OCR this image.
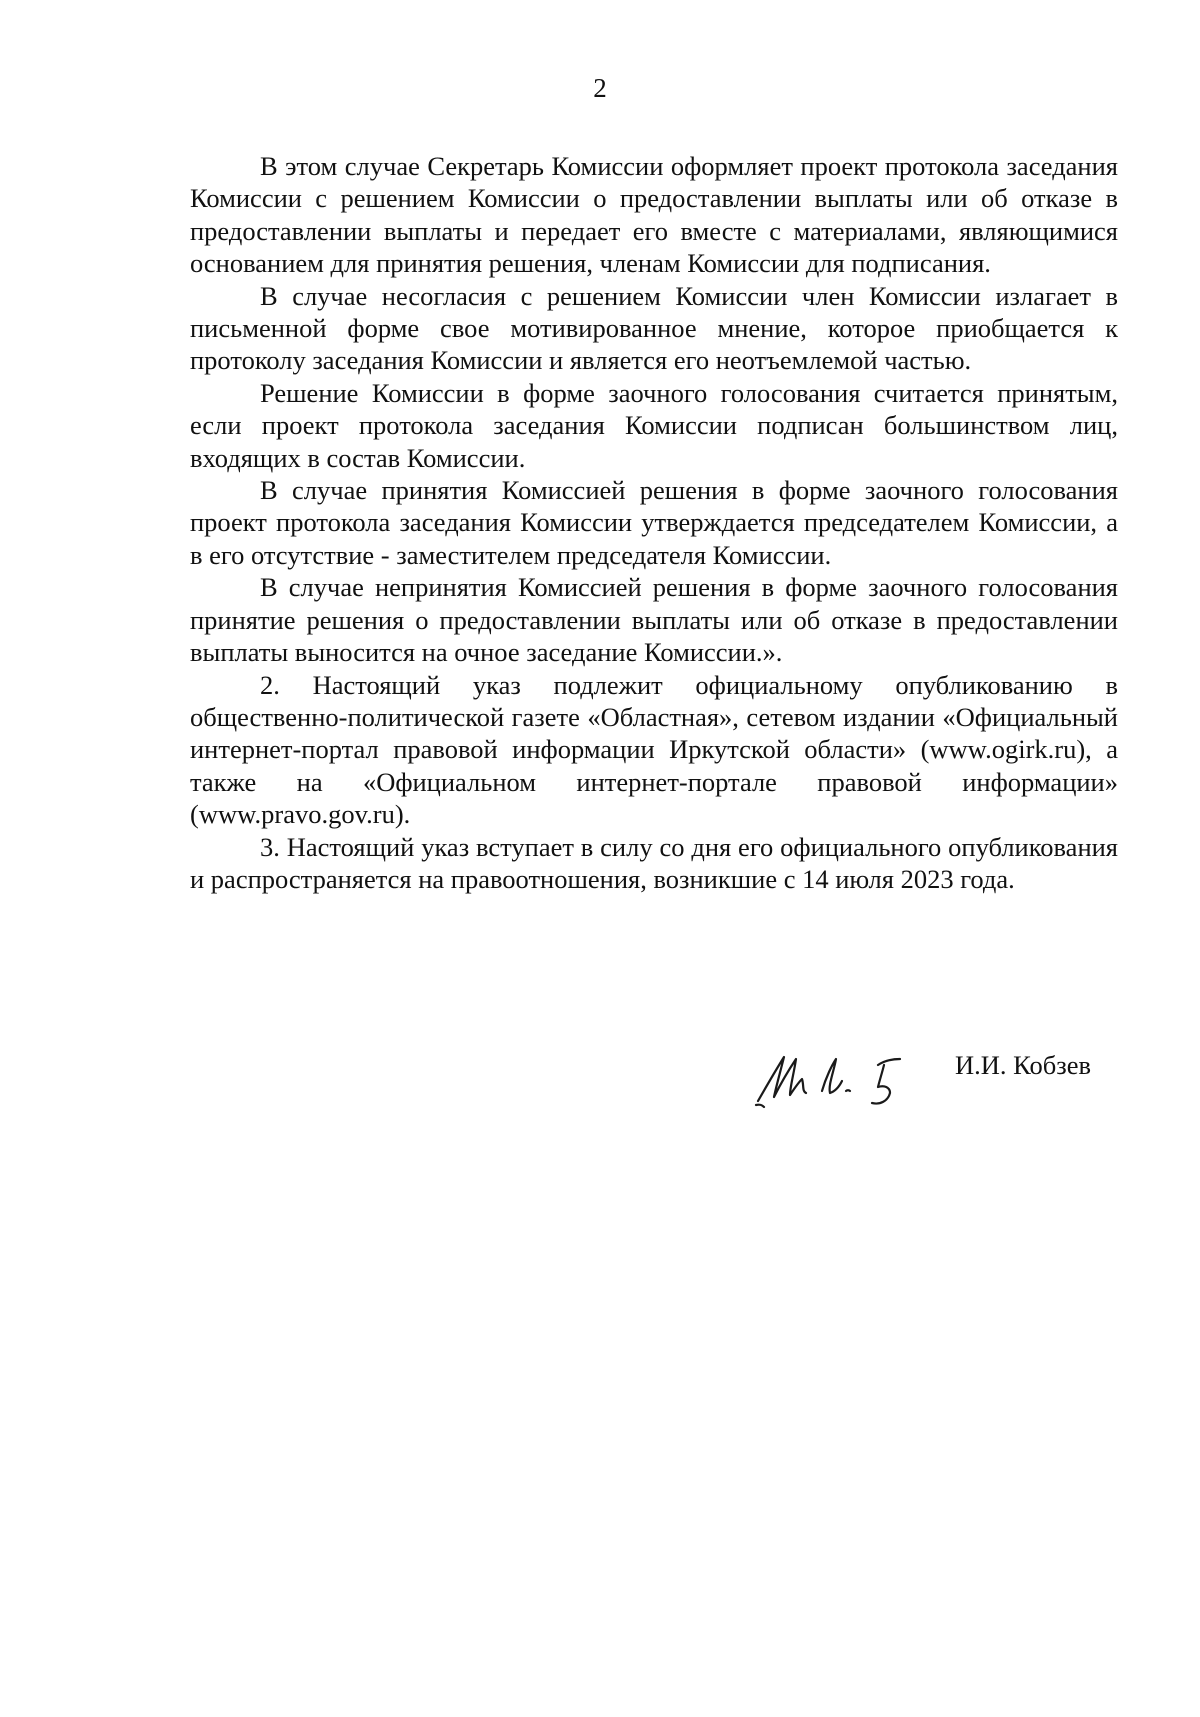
2

В этом случае Секретарь Комиссии оформляет проект протокола заседания Комиссии с решением Комиссии о предоставлении выплаты или об отказе в предоставлении выплаты и передает его вместе с материалами, являющимися основанием для принятия решения, членам Комиссии для подписания.

В случае несогласия с решением Комиссии член Комиссии излагает в письменной форме свое мотивированное мнение, которое приобщается к протоколу заседания Комиссии и является его неотъемлемой частью.

Решение Комиссии в форме заочного голосования считается принятым, если проект протокола заседания Комиссии подписан большинством лиц, входящих в состав Комиссии.

В случае принятия Комиссией решения в форме заочного голосования проект протокола заседания Комиссии утверждается председателем Комиссии, а в его отсутствие - заместителем председателя Комиссии.

В случае непринятия Комиссией решения в форме заочного голосования принятие решения о предоставлении выплаты или об отказе в предоставлении выплаты выносится на очное заседание Комиссии.».

2. Настоящий указ подлежит официальному опубликованию в общественно-политической газете «Областная», сетевом издании «Официальный интернет-портал правовой информации Иркутской области» (www.ogirk.ru), а также на «Официальном интернет-портале правовой информации» (www.pravo.gov.ru).

3. Настоящий указ вступает в силу со дня его официального опубликования и распространяется на правоотношения, возникшие с 14 июля 2023 года.

И.И. Кобзев
